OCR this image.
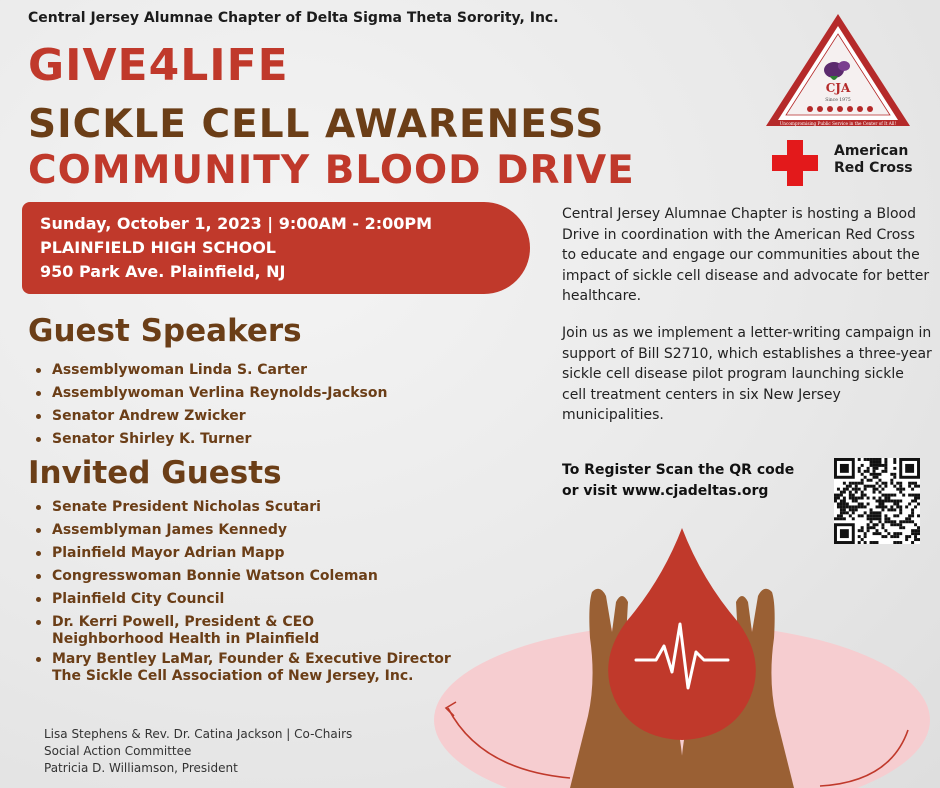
Central Jersey Alumnae Chapter of Delta Sigma Theta Sorority, Inc.
GIVE4LIFE
SICKLE CELL AWARENESS
COMMUNITY BLOOD DRIVE
Sunday, October 1, 2023 | 9:00AM - 2:00PM
PLAINFIELD HIGH SCHOOL
950 Park Ave. Plainfield, NJ
Guest Speakers
Assemblywoman Linda S. Carter
Assemblywoman Verlina Reynolds-Jackson
Senator Andrew Zwicker
Senator Shirley K. Turner
Invited Guests
Senate President Nicholas Scutari
Assemblyman James Kennedy
Plainfield Mayor Adrian Mapp
Congresswoman Bonnie Watson Coleman
Plainfield City Council
Dr. Kerri Powell, President & CEO
Neighborhood Health in Plainfield
Mary Bentley LaMar, Founder & Executive Director
The Sickle Cell Association of New Jersey, Inc.
Central Jersey Alumnae Chapter is hosting a Blood Drive in coordination with the American Red Cross to educate and engage our communities about the impact of sickle cell disease and advocate for better healthcare.
Join us as we implement a letter-writing campaign in support of Bill S2710, which establishes a three-year sickle cell disease pilot program launching sickle cell treatment centers in six New Jersey municipalities.
To Register Scan the QR code
or visit www.cjadeltas.org
CJA
Since 1975
Uncompromising Public Service in the Center of It All!
American
Red Cross
Lisa Stephens & Rev. Dr. Catina Jackson | Co-Chairs
Social Action Committee
Patricia D. Williamson, President
